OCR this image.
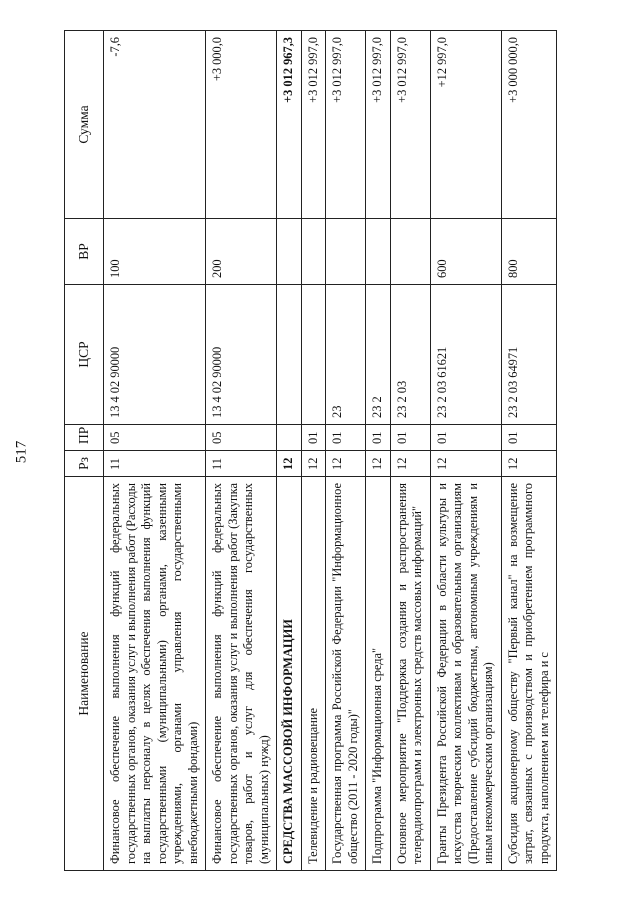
517
Наименование	Рз	ПР	ЦСР	ВР	Сумма
Финансовое обеспечение выполнения функций федеральных государственных органов, оказания услуг и выполнения работ (Расходы на выплаты персоналу в целях обеспечения выполнения функций государственными (муниципальными) органами, казенными учреждениями, органами управления государственными внебюджетными фондами)	11	05	13 4 02 90000	100	-7,6
Финансовое обеспечение выполнения функций федеральных государственных органов, оказания услуг и выполнения работ (Закупка товаров, работ и услуг для обеспечения государственных (муниципальных) нужд)	11	05	13 4 02 90000	200	+3 000,0
СРЕДСТВА МАССОВОЙ ИНФОРМАЦИИ	12				+3 012 967,3
Телевидение и радиовещание	12	01			+3 012 997,0
Государственная программа Российской Федерации "Информационное общество (2011 - 2020 годы)"	12	01	23		+3 012 997,0
Подпрограмма "Информационная среда"	12	01	23 2		+3 012 997,0
Основное мероприятие "Поддержка создания и распространения телерадиопрограмм и электронных средств массовых информаций"	12	01	23 2 03		+3 012 997,0
Гранты Президента Российской Федерации в области культуры и искусства творческим коллективам и образовательным организациям (Предоставление субсидий бюджетным, автономным учреждениям и иным некоммерческим организациям)	12	01	23 2 03 61621	600	+12 997,0
Субсидия акционерному обществу "Первый канал" на возмещение затрат, связанных с производством и приобретением программного продукта, наполнением им телефира и с	12	01	23 2 03 64971	800	+3 000 000,0
